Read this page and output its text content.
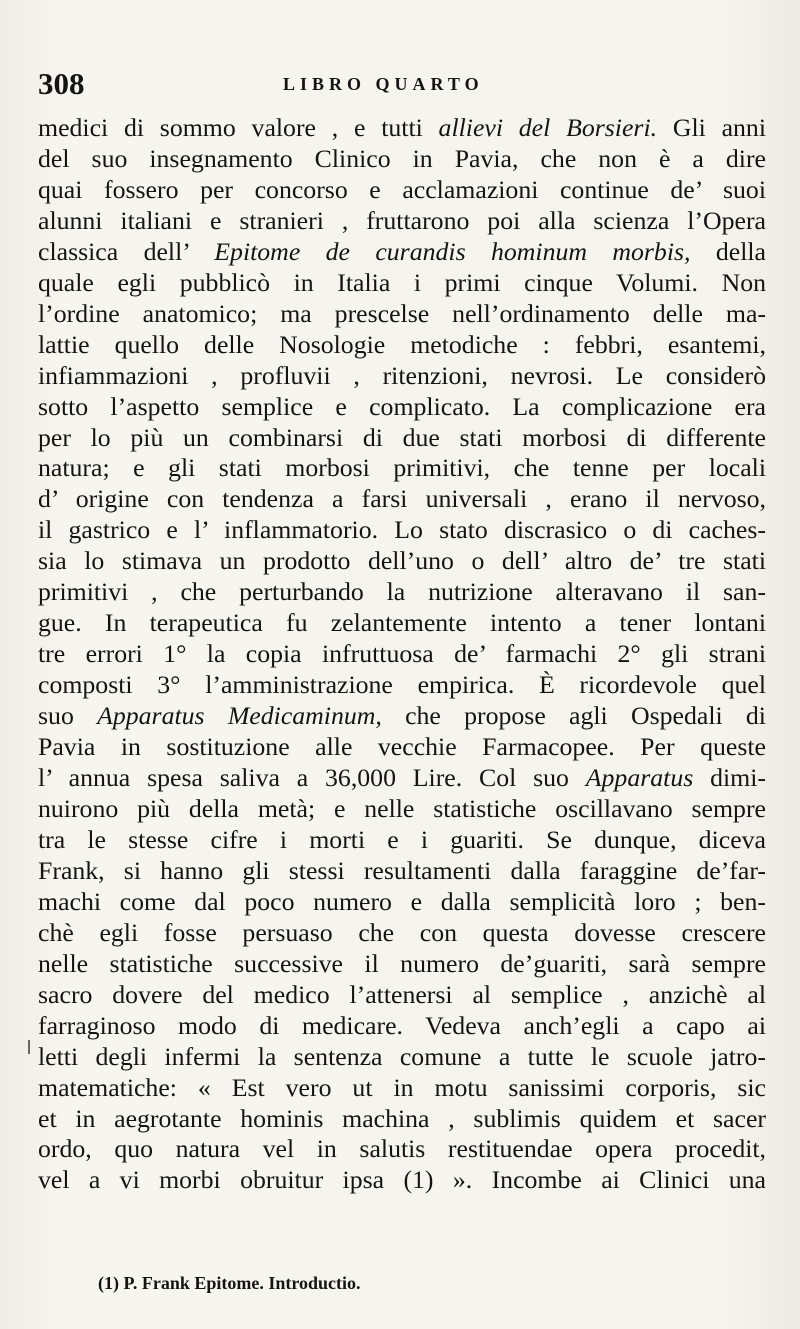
308	LIBRO QUARTO
medici di sommo valore , e tutti allievi del Borsieri. Gli anni
del suo insegnamento Clinico in Pavia, che non è a dire
quai fossero per concorso e acclamazioni continue de’ suoi
alunni italiani e stranieri , fruttarono poi alla scienza l’Opera
classica dell’ Epitome de curandis hominum morbis, della
quale egli pubblicò in Italia i primi cinque Volumi. Non
l’ordine anatomico; ma prescelse nell’ordinamento delle ma-
lattie quello delle Nosologie metodiche : febbri, esantemi,
infiammazioni , profluvii , ritenzioni, nevrosi. Le considerò
sotto l’aspetto semplice e complicato. La complicazione era
per lo più un combinarsi di due stati morbosi di differente
natura; e gli stati morbosi primitivi, che tenne per locali
d’ origine con tendenza a farsi universali , erano il nervoso,
il gastrico e l’ inflammatorio. Lo stato discrasico o di caches-
sia lo stimava un prodotto dell’uno o dell’ altro de’ tre stati
primitivi , che perturbando la nutrizione alteravano il san-
gue. In terapeutica fu zelantemente intento a tener lontani
tre errori 1° la copia infruttuosa de’ farmachi 2° gli strani
composti 3° l’amministrazione empirica. È ricordevole quel
suo Apparatus Medicaminum, che propose agli Ospedali di
Pavia in sostituzione alle vecchie Farmacopee. Per queste
l’ annua spesa saliva a 36,000 Lire. Col suo Apparatus dimi-
nuirono più della metà; e nelle statistiche oscillavano sempre
tra le stesse cifre i morti e i guariti. Se dunque, diceva
Frank, si hanno gli stessi resultamenti dalla faraggine de’far-
machi come dal poco numero e dalla semplicità loro ; ben-
chè egli fosse persuaso che con questa dovesse crescere
nelle statistiche successive il numero de’guariti, sarà sempre
sacro dovere del medico l’attenersi al semplice , anzichè al
farraginoso modo di medicare. Vedeva anch’egli a capo ai
letti degli infermi la sentenza comune a tutte le scuole jatro-
matematiche: « Est vero ut in motu sanissimi corporis, sic
et in aegrotante hominis machina , sublimis quidem et sacer
ordo, quo natura vel in salutis restituendae opera procedit,
vel a vi morbi obruitur ipsa (1) ». Incombe ai Clinici una
(1) P. Frank Epitome. Introductio.
